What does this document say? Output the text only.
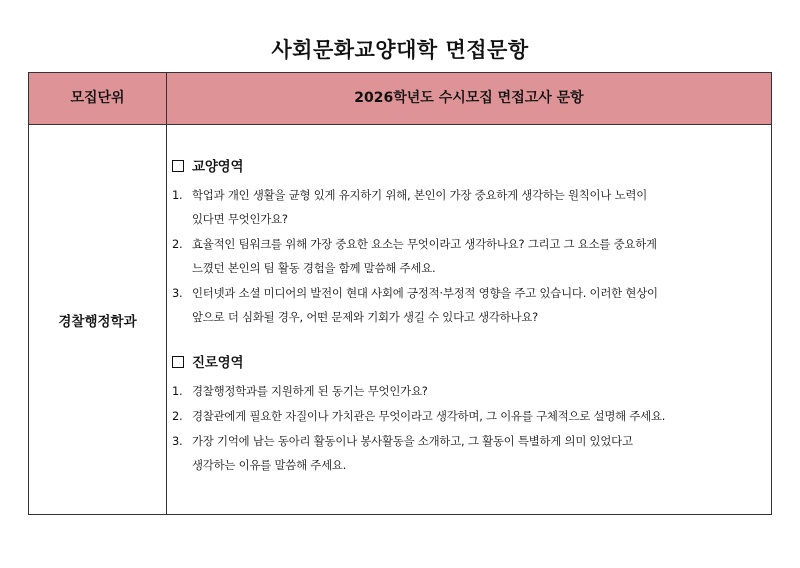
사회문화교양대학 면접문항
모집단위	2026학년도 수시모집 면접고사 문항
경찰행정학과
교양영역
1. 학업과 개인 생활을 균형 있게 유지하기 위해, 본인이 가장 중요하게 생각하는 원칙이나 노력이
있다면 무엇인가요?
2. 효율적인 팀워크를 위해 가장 중요한 요소는 무엇이라고 생각하나요? 그리고 그 요소를 중요하게
느꼈던 본인의 팀 활동 경험을 함께 말씀해 주세요.
3. 인터넷과 소셜 미디어의 발전이 현대 사회에 긍정적·부정적 영향을 주고 있습니다. 이러한 현상이
앞으로 더 심화될 경우, 어떤 문제와 기회가 생길 수 있다고 생각하나요?
진로영역
1. 경찰행정학과를 지원하게 된 동기는 무엇인가요?
2. 경찰관에게 필요한 자질이나 가치관은 무엇이라고 생각하며, 그 이유를 구체적으로 설명해 주세요.
3. 가장 기억에 남는 동아리 활동이나 봉사활동을 소개하고, 그 활동이 특별하게 의미 있었다고
생각하는 이유를 말씀해 주세요.
